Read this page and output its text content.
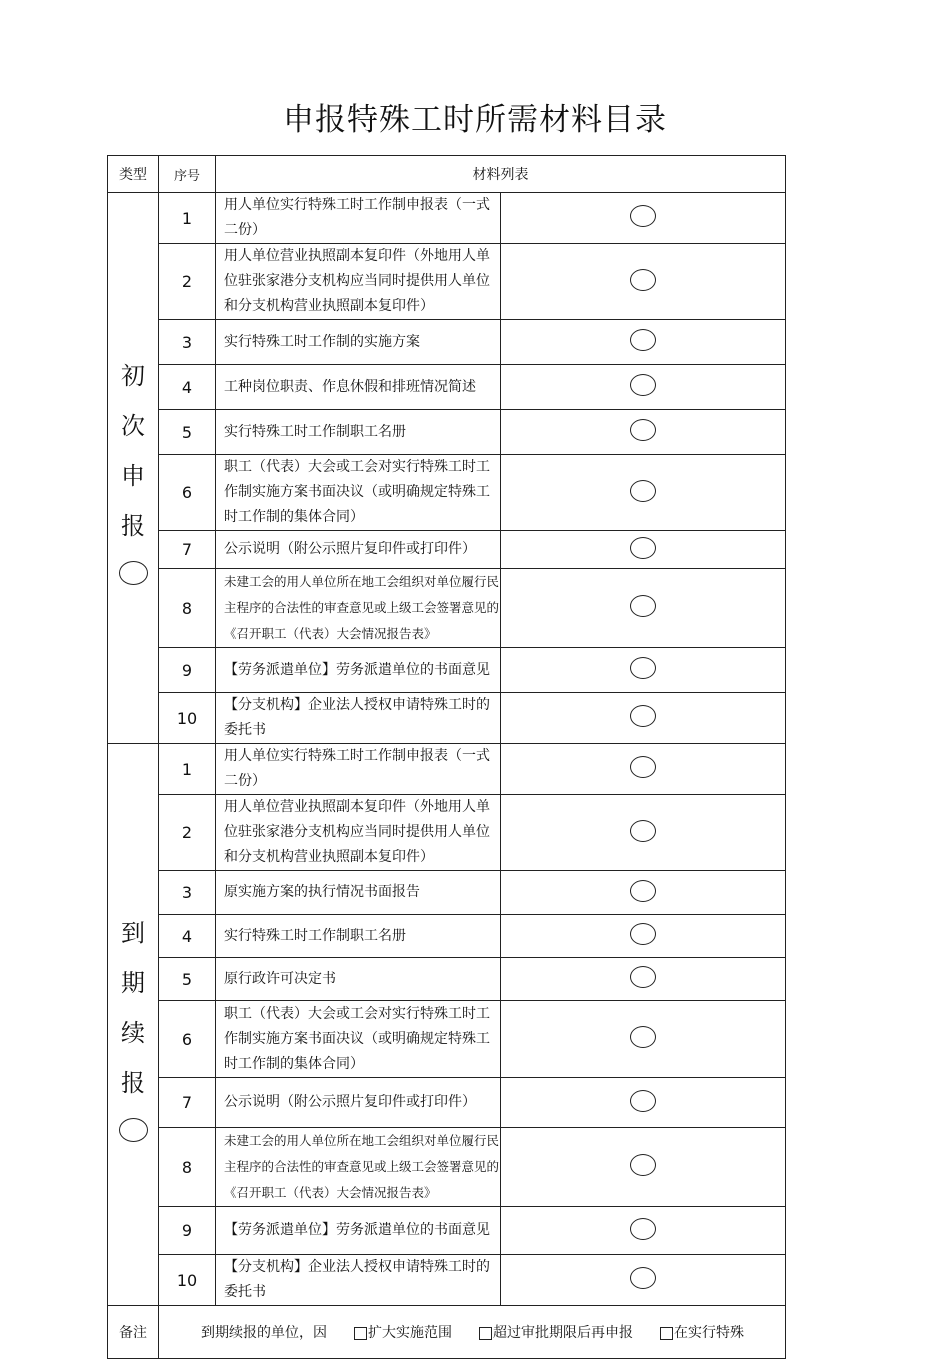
申报特殊工时所需材料目录
类型	序号	材料列表	

初
次
申
报	1	用人单位实行特殊工时工作制申报表（一式二份）	
	2	用人单位营业执照副本复印件（外地用人单位驻张家港分支机构应当同时提供用人单位和分支机构营业执照副本复印件）	
	3	实行特殊工时工作制的实施方案	
	4	工种岗位职责、作息休假和排班情况简述	
	5	实行特殊工时工作制职工名册	
	6	职工（代表）大会或工会对实行特殊工时工作制实施方案书面决议（或明确规定特殊工时工作制的集体合同）	
	7	公示说明（附公示照片复印件或打印件）	
	8	未建工会的用人单位所在地工会组织对单位履行民主程序的合法性的审查意见或上级工会签署意见的《召开职工（代表）大会情况报告表》	
	9	【劳务派遣单位】劳务派遣单位的书面意见	
	10	【分支机构】企业法人授权申请特殊工时的委托书	

到
期
续
报	1	用人单位实行特殊工时工作制申报表（一式二份）	
	2	用人单位营业执照副本复印件（外地用人单位驻张家港分支机构应当同时提供用人单位和分支机构营业执照副本复印件）	
	3	原实施方案的执行情况书面报告	
	4	实行特殊工时工作制职工名册	
	5	原行政许可决定书	
	6	职工（代表）大会或工会对实行特殊工时工作制实施方案书面决议（或明确规定特殊工时工作制的集体合同）	
	7	公示说明（附公示照片复印件或打印件）	
	8	未建工会的用人单位所在地工会组织对单位履行民主程序的合法性的审查意见或上级工会签署意见的《召开职工（代表）大会情况报告表》	
	9	【劳务派遣单位】劳务派遣单位的书面意见	
	10	【分支机构】企业法人授权申请特殊工时的委托书	
备注	到期续报的单位，因 扩大实施范围 超过审批期限后再申报 在实行特殊		
